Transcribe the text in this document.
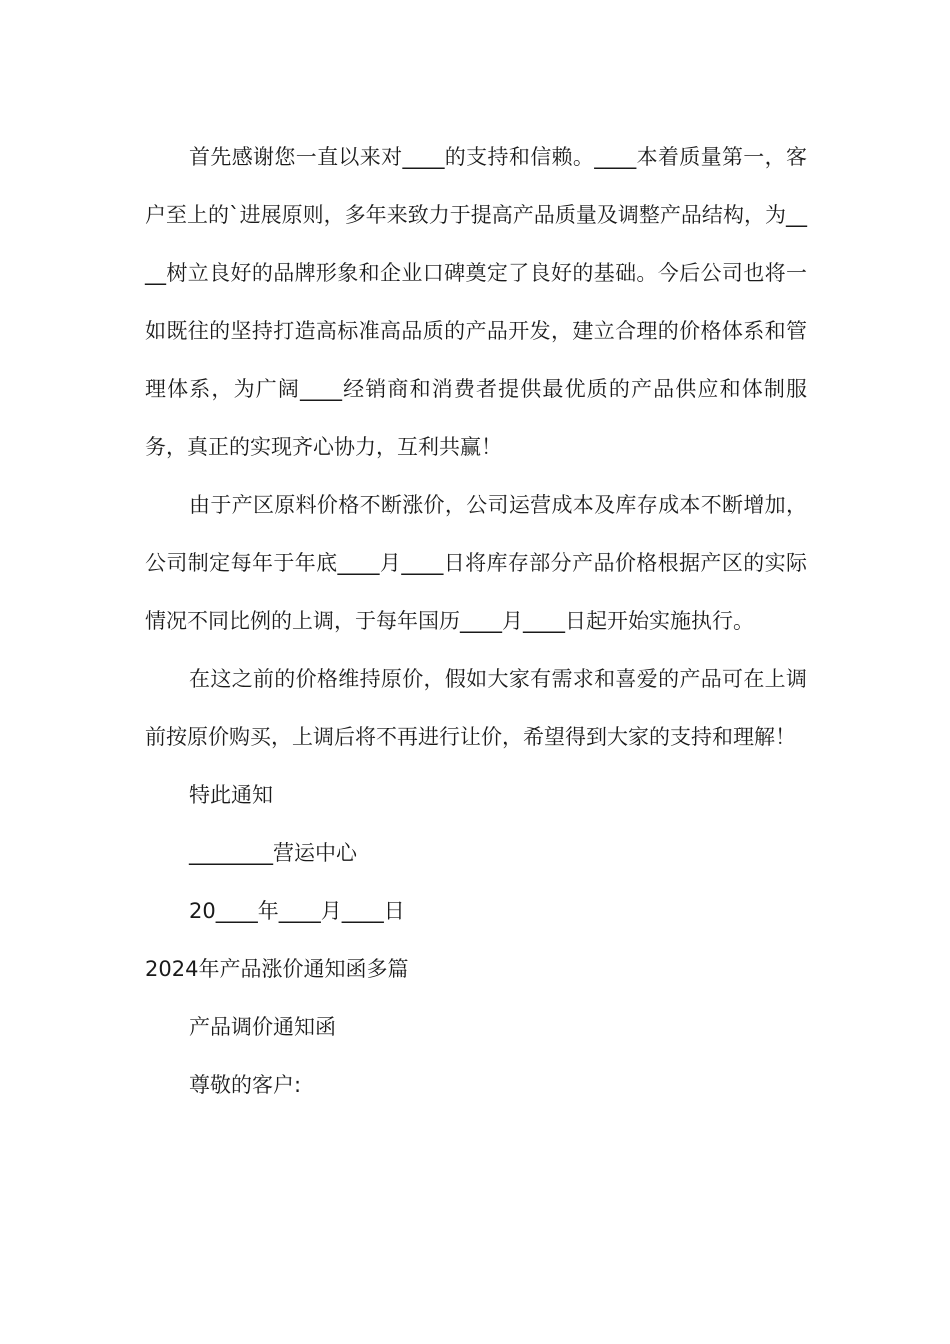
首先感谢您一直以来对____的支持和信赖。____本着质量第一，客户至上的`进展原则，多年来致力于提高产品质量及调整产品结构，为____树立良好的品牌形象和企业口碑奠定了良好的基础。今后公司也将一如既往的坚持打造高标准高品质的产品开发，建立合理的价格体系和管理体系，为广阔____经销商和消费者提供最优质的产品供应和体制服务，真正的实现齐心协力，互利共赢！

由于产区原料价格不断涨价，公司运营成本及库存成本不断增加，公司制定每年于年底____月____日将库存部分产品价格根据产区的实际情况不同比例的上调，于每年国历____月____日起开始实施执行。

在这之前的价格维持原价，假如大家有需求和喜爱的产品可在上调前按原价购买，上调后将不再进行让价，希望得到大家的支持和理解！

特此通知

________营运中心

20____年____月____日

2024年产品涨价通知函多篇

产品调价通知函

尊敬的客户:
